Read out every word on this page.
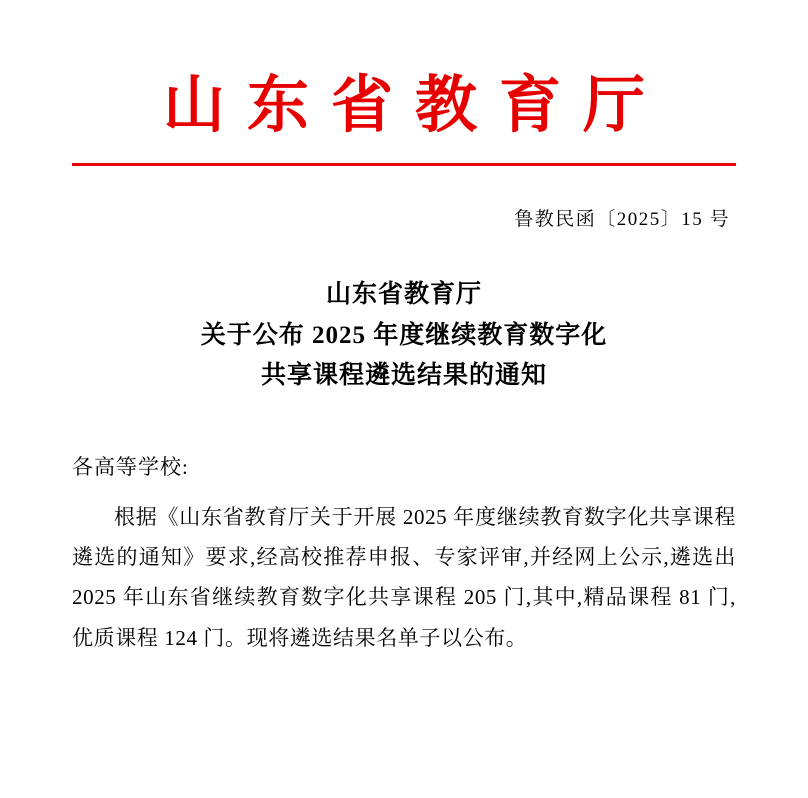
山东省教育厅
鲁教民函〔2025〕15 号
山东省教育厅
关于公布 2025 年度继续教育数字化
共享课程遴选结果的通知
各高等学校:
根据《山东省教育厅关于开展 2025 年度继续教育数字化共享课程遴选的通知》要求,经高校推荐申报、专家评审,并经网上公示,遴选出 2025 年山东省继续教育数字化共享课程 205 门,其中,精品课程 81 门,优质课程 124 门。现将遴选结果名单子以公布。
